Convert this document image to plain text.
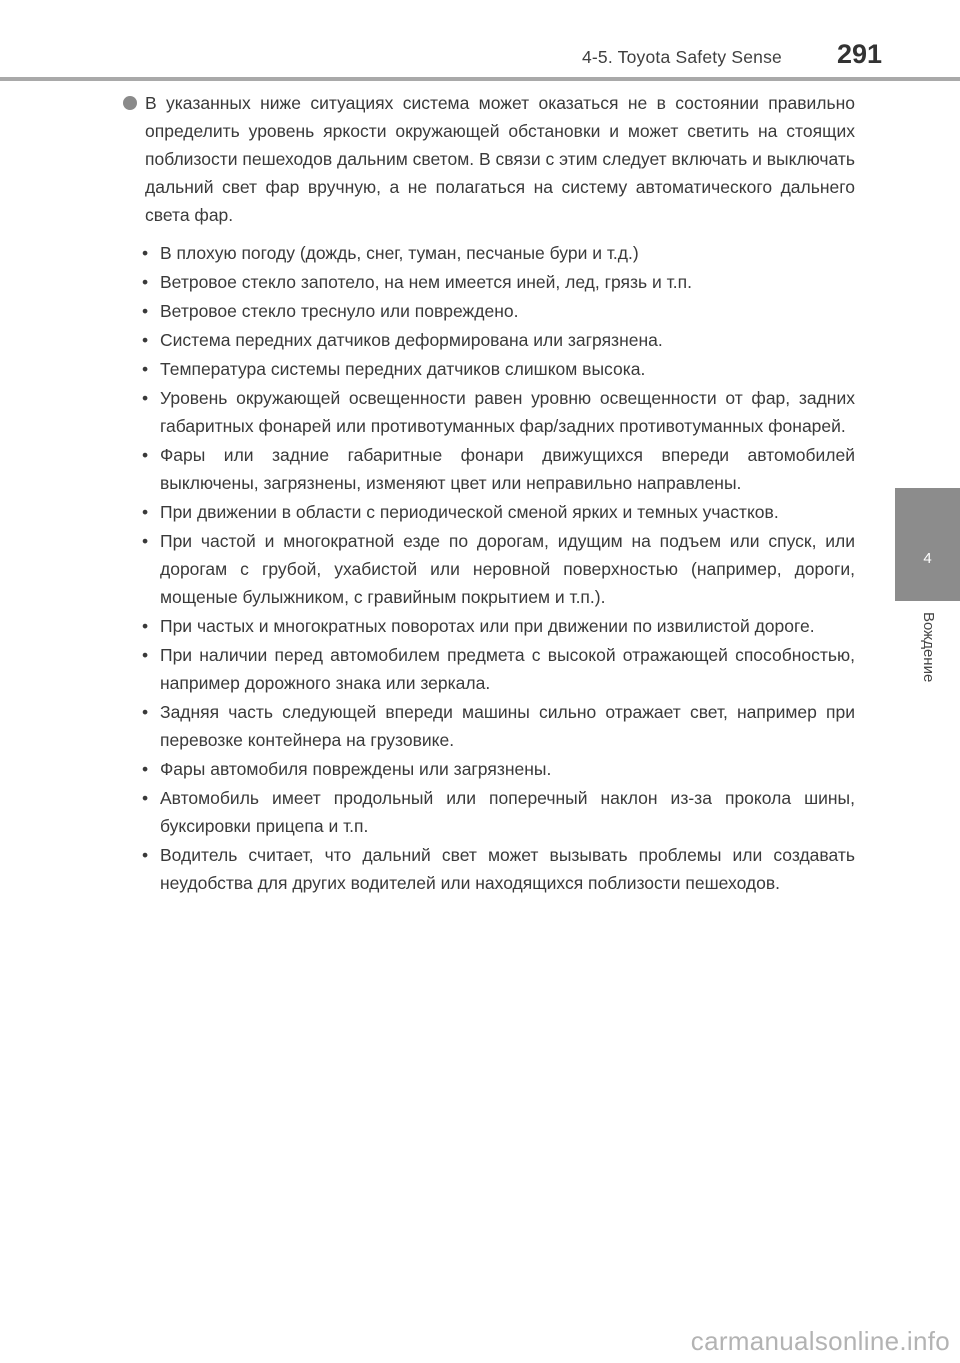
4-5. Toyota Safety Sense 291
4
Вождение

В указанных ниже ситуациях система может оказаться не в состоянии правильно определить уровень яркости окружающей обстановки и может светить на стоящих поблизости пешеходов дальним светом. В связи с этим следует включать и выключать дальний свет фар вручную, а не полагаться на систему автоматического дальнего света фар.

• В плохую погоду (дождь, снег, туман, песчаные бури и т.д.)
• Ветровое стекло запотело, на нем имеется иней, лед, грязь и т.п.
• Ветровое стекло треснуло или повреждено.
• Система передних датчиков деформирована или загрязнена.
• Температура системы передних датчиков слишком высока.
• Уровень окружающей освещенности равен уровню освещенности от фар, задних габаритных фонарей или противотуманных фар/задних противотуманных фонарей.
• Фары или задние габаритные фонари движущихся впереди автомобилей выключены, загрязнены, изменяют цвет или неправильно направлены.
• При движении в области с периодической сменой ярких и темных участков.
• При частой и многократной езде по дорогам, идущим на подъем или спуск, или дорогам с грубой, ухабистой или неровной поверхностью (например, дороги, мощеные булыжником, с гравийным покрытием и т.п.).
• При частых и многократных поворотах или при движении по извилистой дороге.
• При наличии перед автомобилем предмета с высокой отражающей способностью, например дорожного знака или зеркала.
• Задняя часть следующей впереди машины сильно отражает свет, например при перевозке контейнера на грузовике.
• Фары автомобиля повреждены или загрязнены.
• Автомобиль имеет продольный или поперечный наклон из-за прокола шины, буксировки прицепа и т.п.
• Водитель считает, что дальний свет может вызывать проблемы или создавать неудобства для других водителей или находящихся поблизости пешеходов.
carmanualsonline.info
